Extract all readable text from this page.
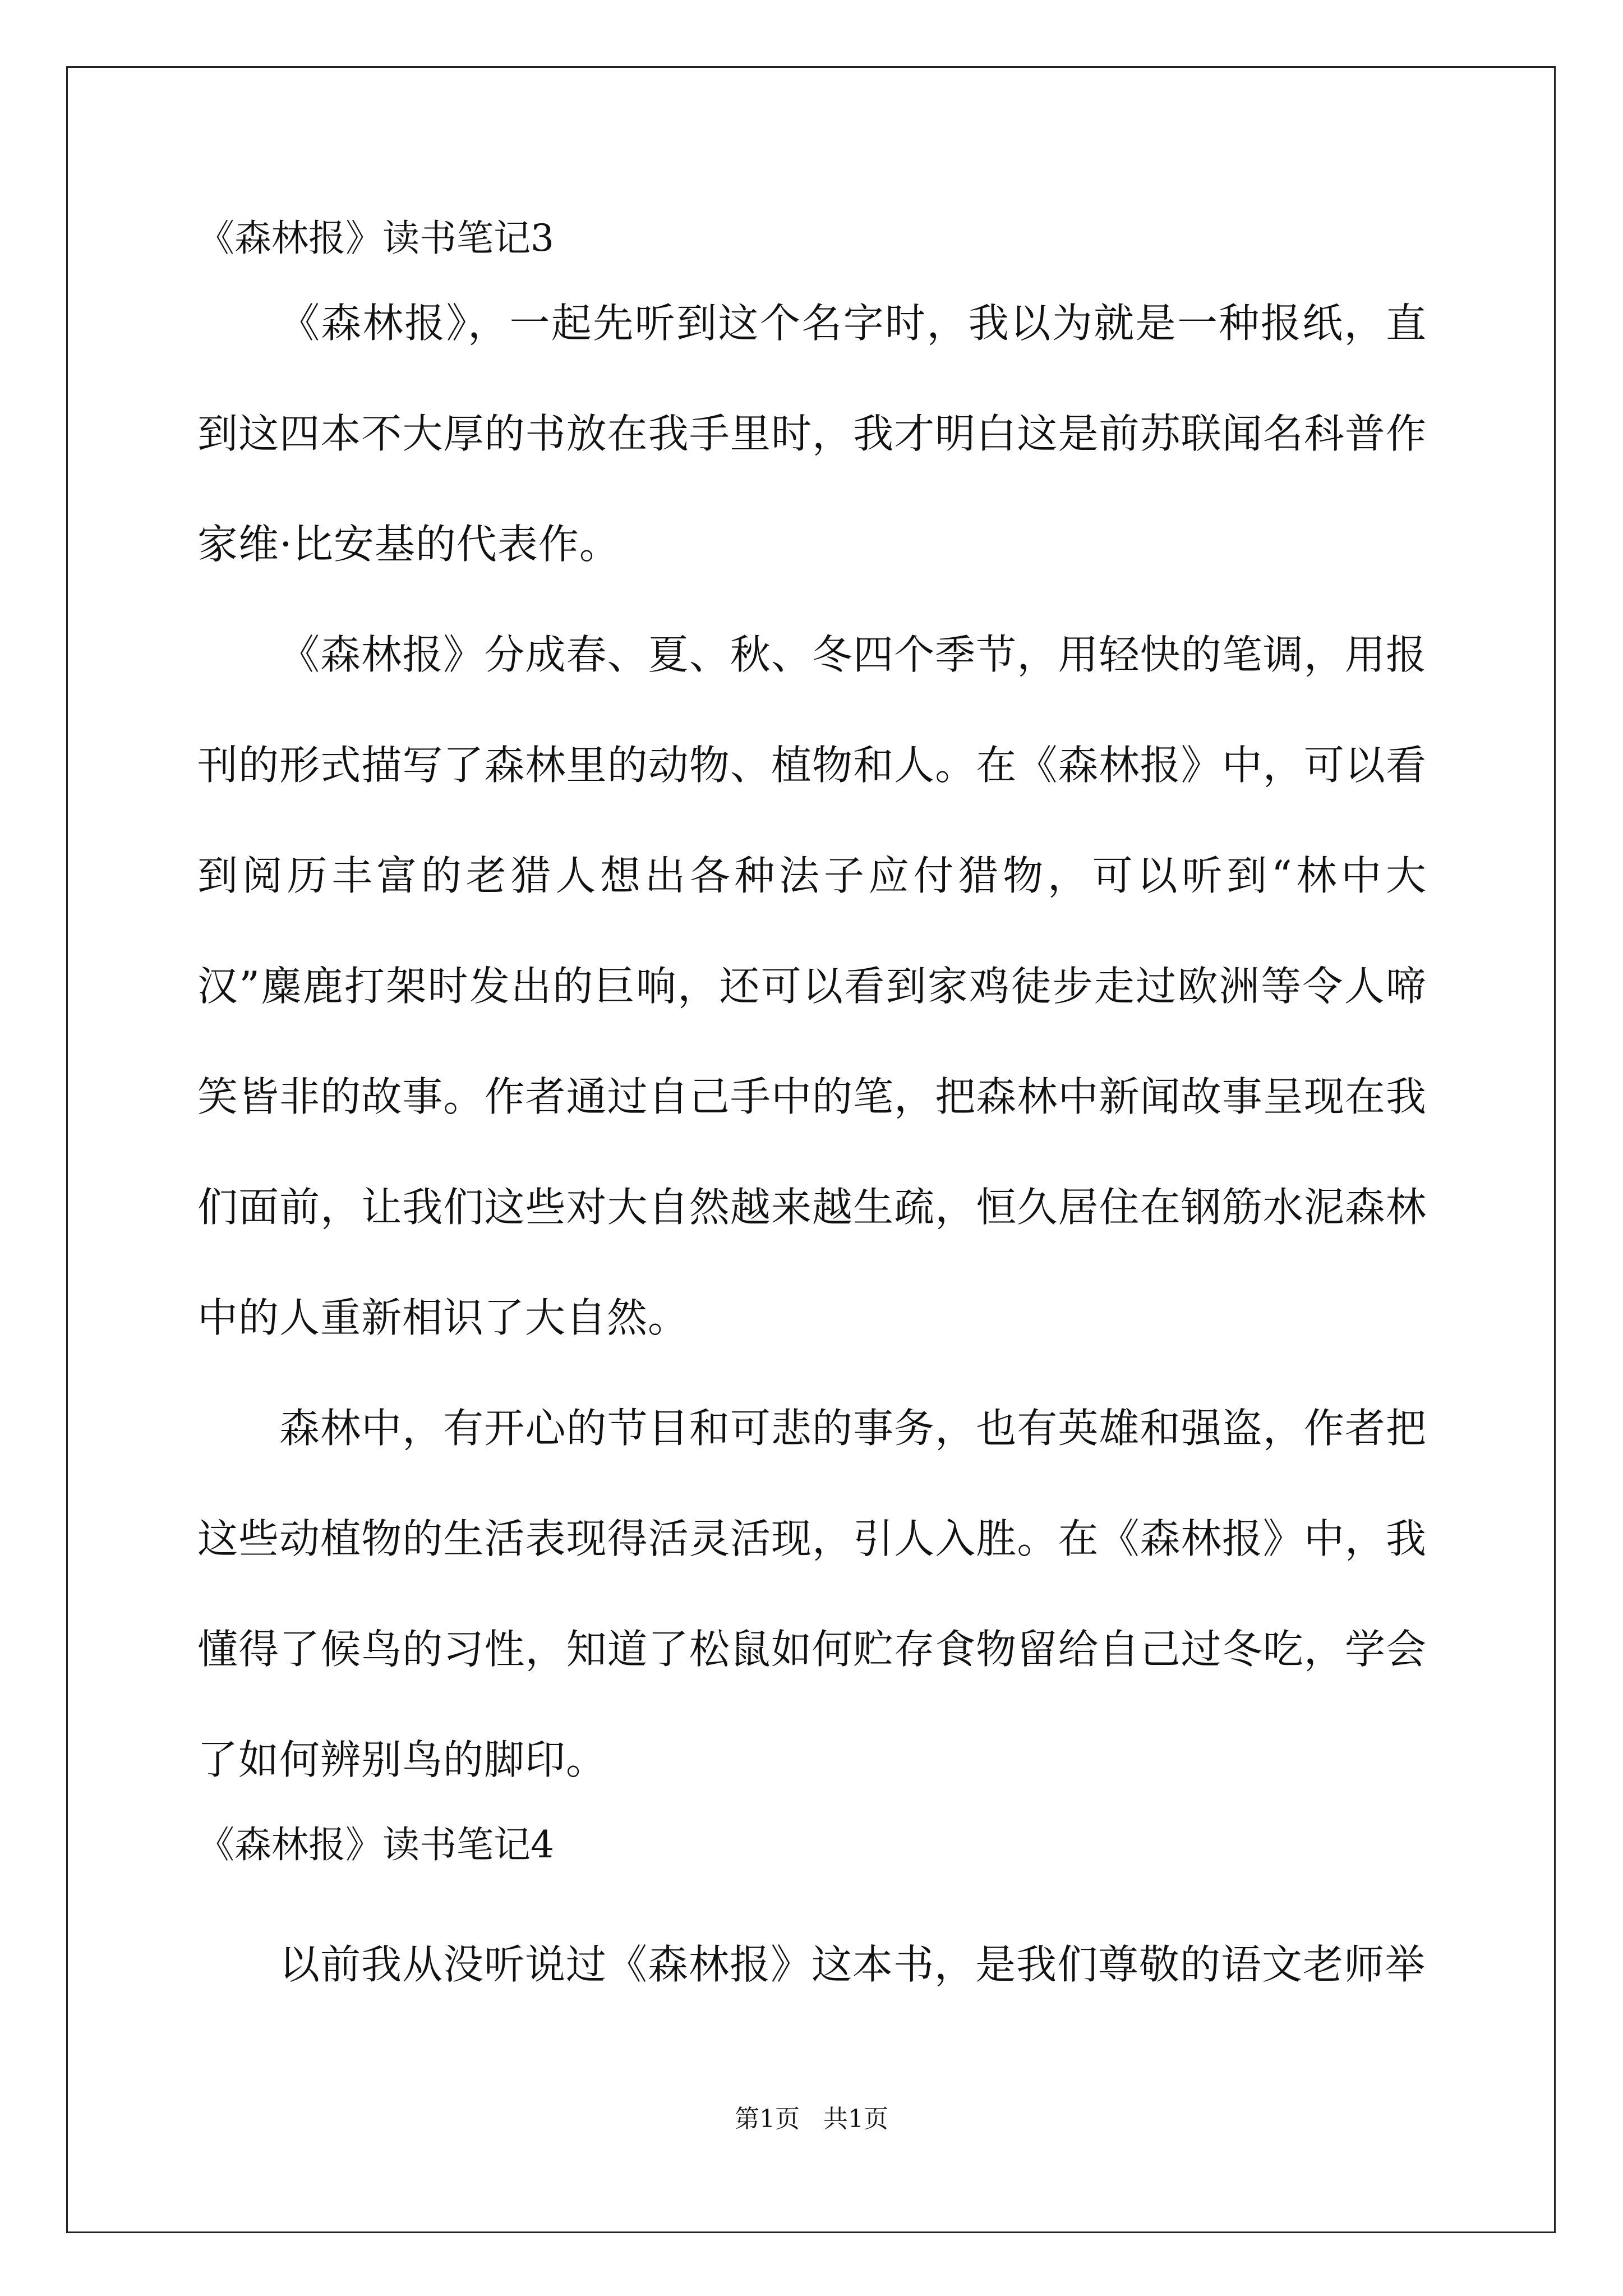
《森林报》读书笔记3

《森林报》，一起先听到这个名字时，我以为就是一种报纸，直到这四本不大厚的书放在我手里时，我才明白这是前苏联闻名科普作家维·比安基的代表作。

《森林报》分成春、夏、秋、冬四个季节，用轻快的笔调，用报刊的形式描写了森林里的动物、植物和人。在《森林报》中，可以看到阅历丰富的老猎人想出各种法子应付猎物，可以听到“林中大汉”麋鹿打架时发出的巨响，还可以看到家鸡徒步走过欧洲等令人啼笑皆非的故事。作者通过自己手中的笔，把森林中新闻故事呈现在我们面前，让我们这些对大自然越来越生疏，恒久居住在钢筋水泥森林中的人重新相识了大自然。

森林中，有开心的节目和可悲的事务，也有英雄和强盗，作者把这些动植物的生活表现得活灵活现，引人入胜。在《森林报》中，我懂得了候鸟的习性，知道了松鼠如何贮存食物留给自己过冬吃，学会了如何辨别鸟的脚印。

《森林报》读书笔记4

以前我从没听说过《森林报》这本书，是我们尊敬的语文老师举

第1页   共1页
